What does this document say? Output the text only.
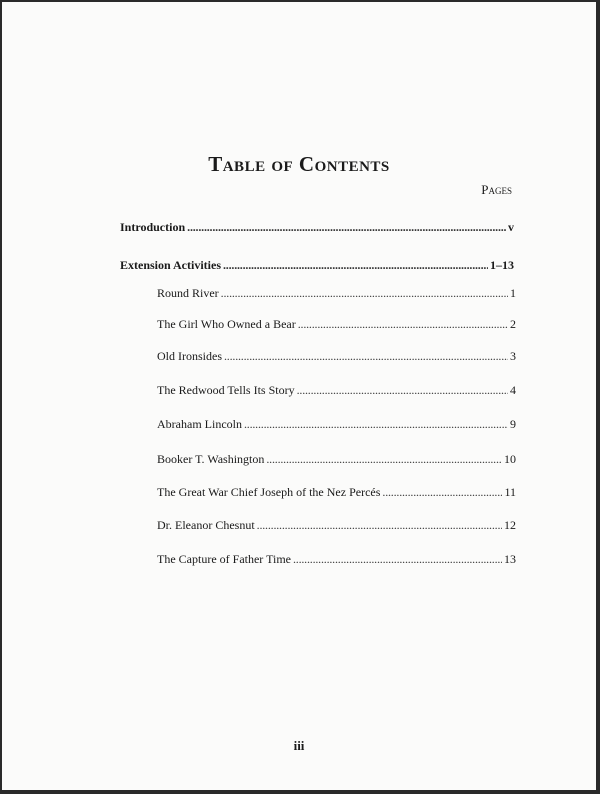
Table of Contents
Pages
Introduction . . .	v
Extension Activities . . .	1–13
Round River . . .	1
The Girl Who Owned a Bear . . .	2
Old Ironsides . . .	3
The Redwood Tells Its Story . . .	4
Abraham Lincoln . . .	9
Booker T. Washington . . .	10
The Great War Chief Joseph of the Nez Percés . . .	11
Dr. Eleanor Chesnut . . .	12
The Capture of Father Time . . .	13
iii
